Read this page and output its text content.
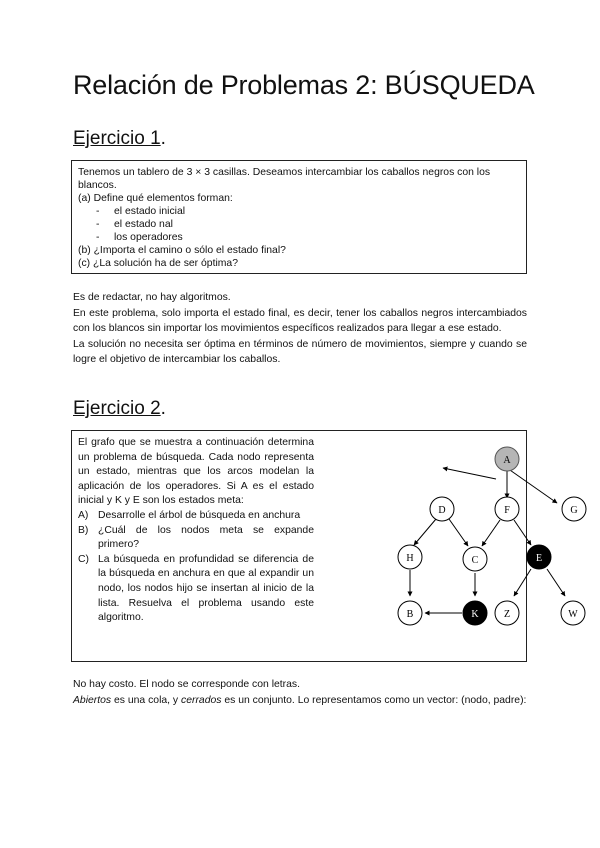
Relación de Problemas 2: BÚSQUEDA
Ejercicio 1.
Tenemos un tablero de 3 × 3 casillas. Deseamos intercambiar los caballos negros con los
blancos.
(a) Define qué elementos forman:
- el estado inicial
- el estado nal
- los operadores
(b) ¿Importa el camino o sólo el estado final?
(c) ¿La solución ha de ser óptima?

Es de redactar, no hay algoritmos.

En este problema, solo importa el estado final, es decir, tener los caballos negros intercambiados con los blancos sin importar los movimientos específicos realizados para llegar a ese estado.

La solución no necesita ser óptima en términos de número de movimientos, siempre y cuando se logre el objetivo de intercambiar los caballos.

Ejercicio 2.

El grafo que se muestra a continuación determina un problema de búsqueda. Cada nodo representa un estado, mientras que los arcos modelan la aplicación de los operadores. Si A es el estado inicial y K y E son los estados meta:

A) Desarrolle el árbol de búsqueda en anchura
B) ¿Cuál de los nodos meta se expande primero?
C) La búsqueda en profundidad se diferencia de la búsqueda en anchura en que al expandir un nodo, los nodos hijo se insertan al inicio de la lista. Resuelva el problema usando este algoritmo.
A
D	F	G
H	C	E
B	K	Z	W

No hay costo. El nodo se corresponde con letras.

Abiertos es una cola, y cerrados es un conjunto. Lo representamos como un vector: (nodo, padre):
